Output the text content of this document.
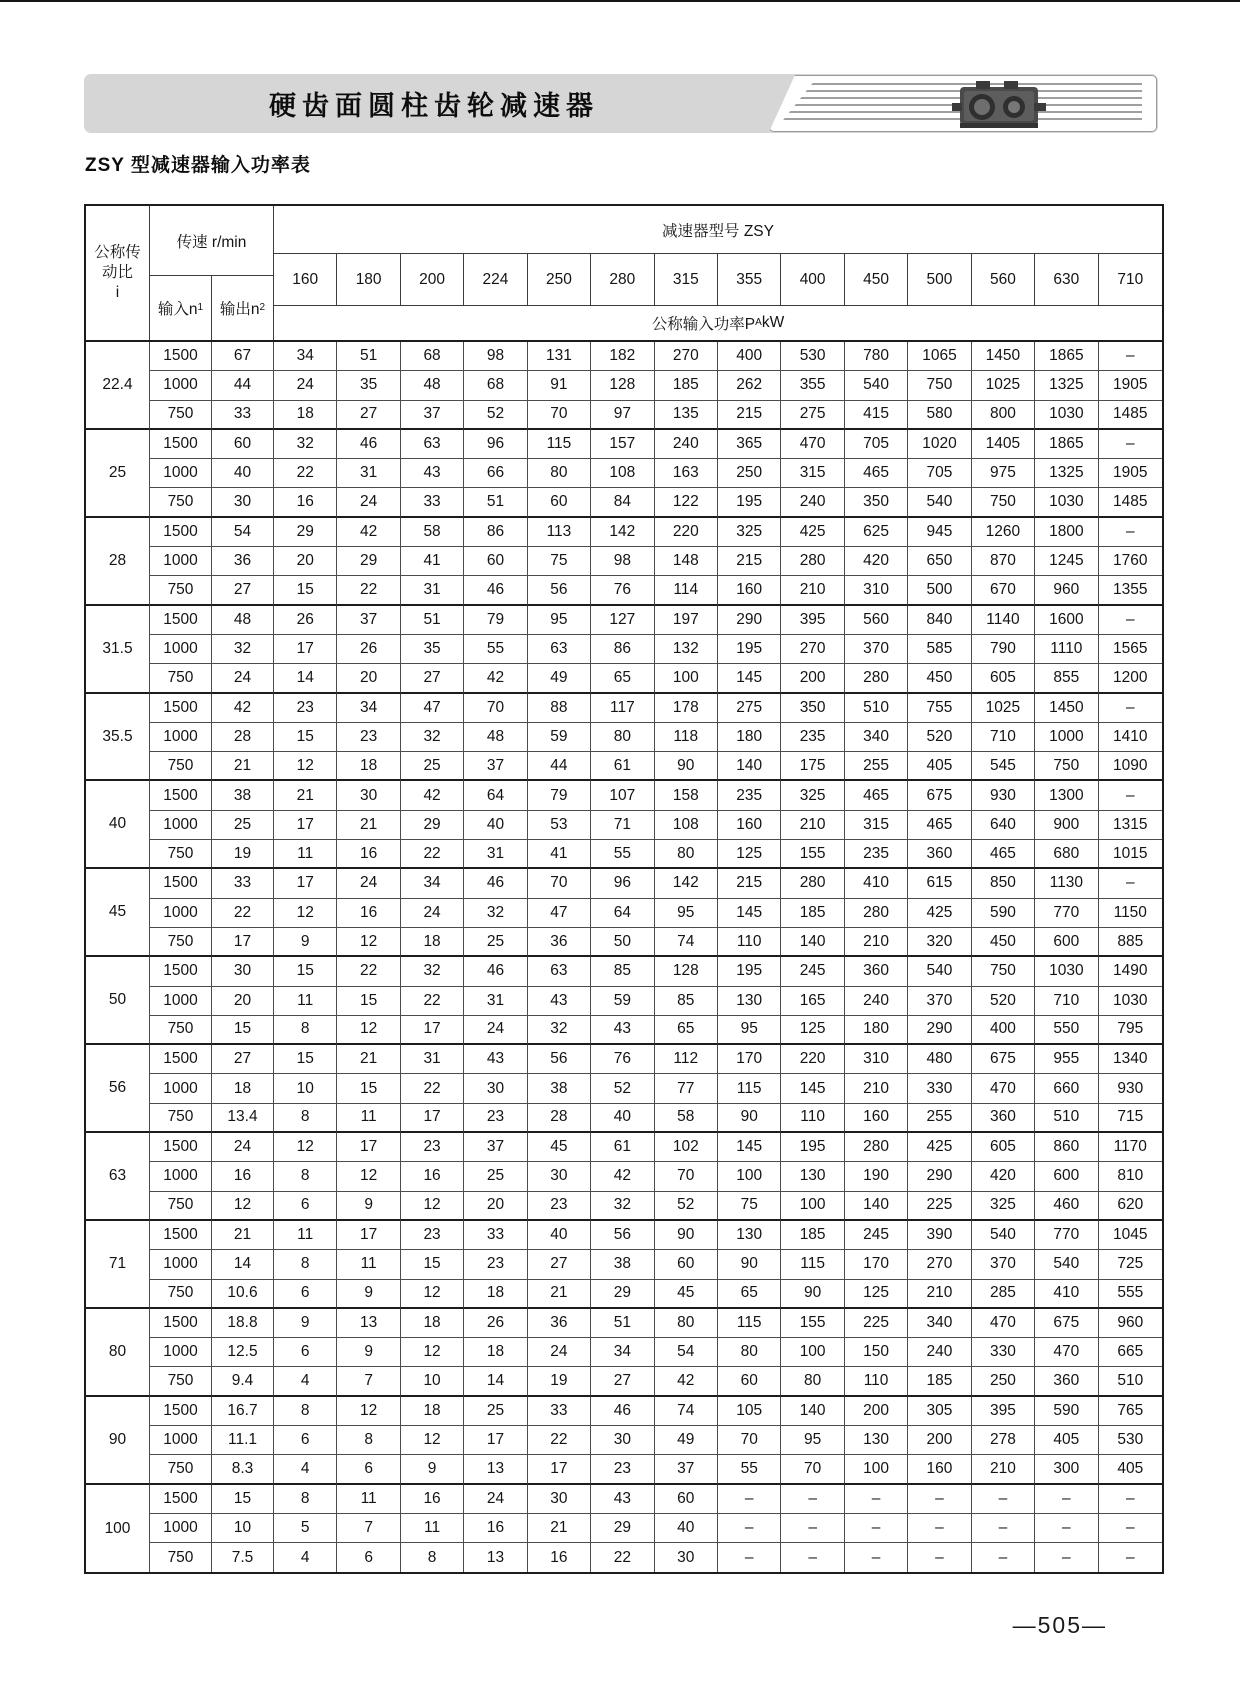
硬齿面圆柱齿轮减速器
ZSY 型减速器输入功率表
公称传
动比
i
传速 r/min
输入n 1 输出n 2
减速器型号 ZSY
160	180	200	224	250	280	315	355	400	450	500	560	630	710
公称输入功率P A kW
22.4
1500	67	34	51	68	98	131	182	270	400	530	780	1065	1450	1865	–
1000	44	24	35	48	68	91	128	185	262	355	540	750	1025	1325	1905
750	33	18	27	37	52	70	97	135	215	275	415	580	800	1030	1485
25
1500	60	32	46	63	96	115	157	240	365	470	705	1020	1405	1865	–
1000	40	22	31	43	66	80	108	163	250	315	465	705	975	1325	1905
750	30	16	24	33	51	60	84	122	195	240	350	540	750	1030	1485
28
1500	54	29	42	58	86	113	142	220	325	425	625	945	1260	1800	–
1000	36	20	29	41	60	75	98	148	215	280	420	650	870	1245	1760
750	27	15	22	31	46	56	76	114	160	210	310	500	670	960	1355
31.5
1500	48	26	37	51	79	95	127	197	290	395	560	840	1140	1600	–
1000	32	17	26	35	55	63	86	132	195	270	370	585	790	1110	1565
750	24	14	20	27	42	49	65	100	145	200	280	450	605	855	1200
35.5
1500	42	23	34	47	70	88	117	178	275	350	510	755	1025	1450	–
1000	28	15	23	32	48	59	80	118	180	235	340	520	710	1000	1410
750	21	12	18	25	37	44	61	90	140	175	255	405	545	750	1090
40
1500	38	21	30	42	64	79	107	158	235	325	465	675	930	1300	–
1000	25	17	21	29	40	53	71	108	160	210	315	465	640	900	1315
750	19	11	16	22	31	41	55	80	125	155	235	360	465	680	1015
45
1500	33	17	24	34	46	70	96	142	215	280	410	615	850	1130	–
1000	22	12	16	24	32	47	64	95	145	185	280	425	590	770	1150
750	17	9	12	18	25	36	50	74	110	140	210	320	450	600	885
50
1500	30	15	22	32	46	63	85	128	195	245	360	540	750	1030	1490
1000	20	11	15	22	31	43	59	85	130	165	240	370	520	710	1030
750	15	8	12	17	24	32	43	65	95	125	180	290	400	550	795
56
1500	27	15	21	31	43	56	76	112	170	220	310	480	675	955	1340
1000	18	10	15	22	30	38	52	77	115	145	210	330	470	660	930
750	13.4	8	11	17	23	28	40	58	90	110	160	255	360	510	715
63
1500	24	12	17	23	37	45	61	102	145	195	280	425	605	860	1170
1000	16	8	12	16	25	30	42	70	100	130	190	290	420	600	810
750	12	6	9	12	20	23	32	52	75	100	140	225	325	460	620
71
1500	21	11	17	23	33	40	56	90	130	185	245	390	540	770	1045
1000	14	8	11	15	23	27	38	60	90	115	170	270	370	540	725
750	10.6	6	9	12	18	21	29	45	65	90	125	210	285	410	555
80
1500	18.8	9	13	18	26	36	51	80	115	155	225	340	470	675	960
1000	12.5	6	9	12	18	24	34	54	80	100	150	240	330	470	665
750	9.4	4	7	10	14	19	27	42	60	80	110	185	250	360	510
90
1500	16.7	8	12	18	25	33	46	74	105	140	200	305	395	590	765
1000	11.1	6	8	12	17	22	30	49	70	95	130	200	278	405	530
750	8.3	4	6	9	13	17	23	37	55	70	100	160	210	300	405
100
1500	15	8	11	16	24	30	43	60	–	–	–	–	–	–	–
1000	10	5	7	11	16	21	29	40	–	–	–	–	–	–	–
750	7.5	4	6	8	13	16	22	30	–	–	–	–	–	–	–
—505—
